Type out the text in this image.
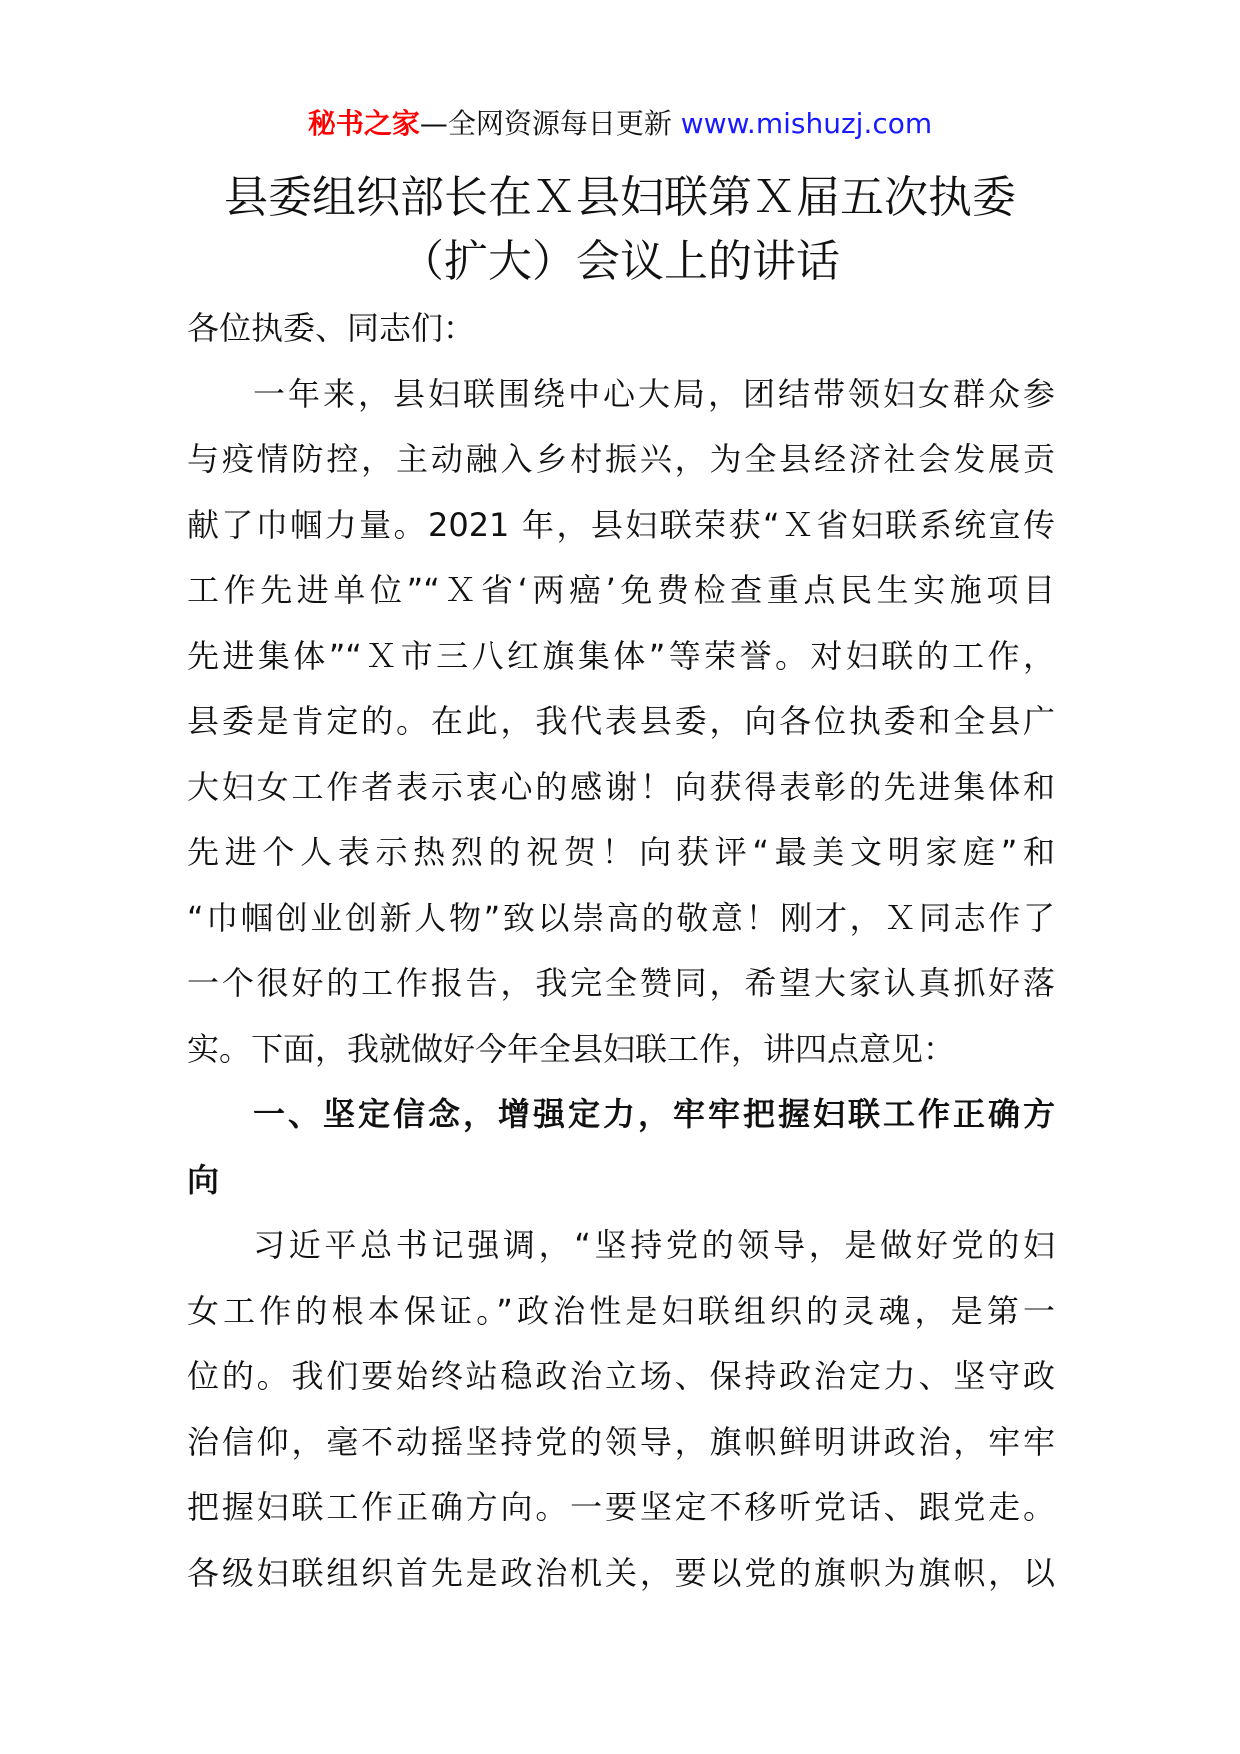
秘书之家—全网资源每日更新 www.mishuzj.com
县委组织部长在Ｘ县妇联第Ｘ届五次执委
（扩大）会议上的讲话
各位执委、同志们：
一年来，县妇联围绕中心大局，团结带领妇女群众参
与疫情防控，主动融入乡村振兴，为全县经济社会发展贡
献了巾帼力量。2021 年，县妇联荣获“Ｘ省妇联系统宣传
工作先进单位”“Ｘ省‘两癌’免费检查重点民生实施项目
先进集体”“Ｘ市三八红旗集体”等荣誉。对妇联的工作，
县委是肯定的。在此，我代表县委，向各位执委和全县广
大妇女工作者表示衷心的感谢！向获得表彰的先进集体和
先进个人表示热烈的祝贺！向获评“最美文明家庭”和
“巾帼创业创新人物”致以崇高的敬意！刚才，Ｘ同志作了
一个很好的工作报告，我完全赞同，希望大家认真抓好落
实。下面，我就做好今年全县妇联工作，讲四点意见：
一、坚定信念，增强定力，牢牢把握妇联工作正确方
向
习近平总书记强调，“坚持党的领导，是做好党的妇
女工作的根本保证。”政治性是妇联组织的灵魂，是第一
位的。我们要始终站稳政治立场、保持政治定力、坚守政
治信仰，毫不动摇坚持党的领导，旗帜鲜明讲政治，牢牢
把握妇联工作正确方向。一要坚定不移听党话、跟党走。
各级妇联组织首先是政治机关，要以党的旗帜为旗帜，以
